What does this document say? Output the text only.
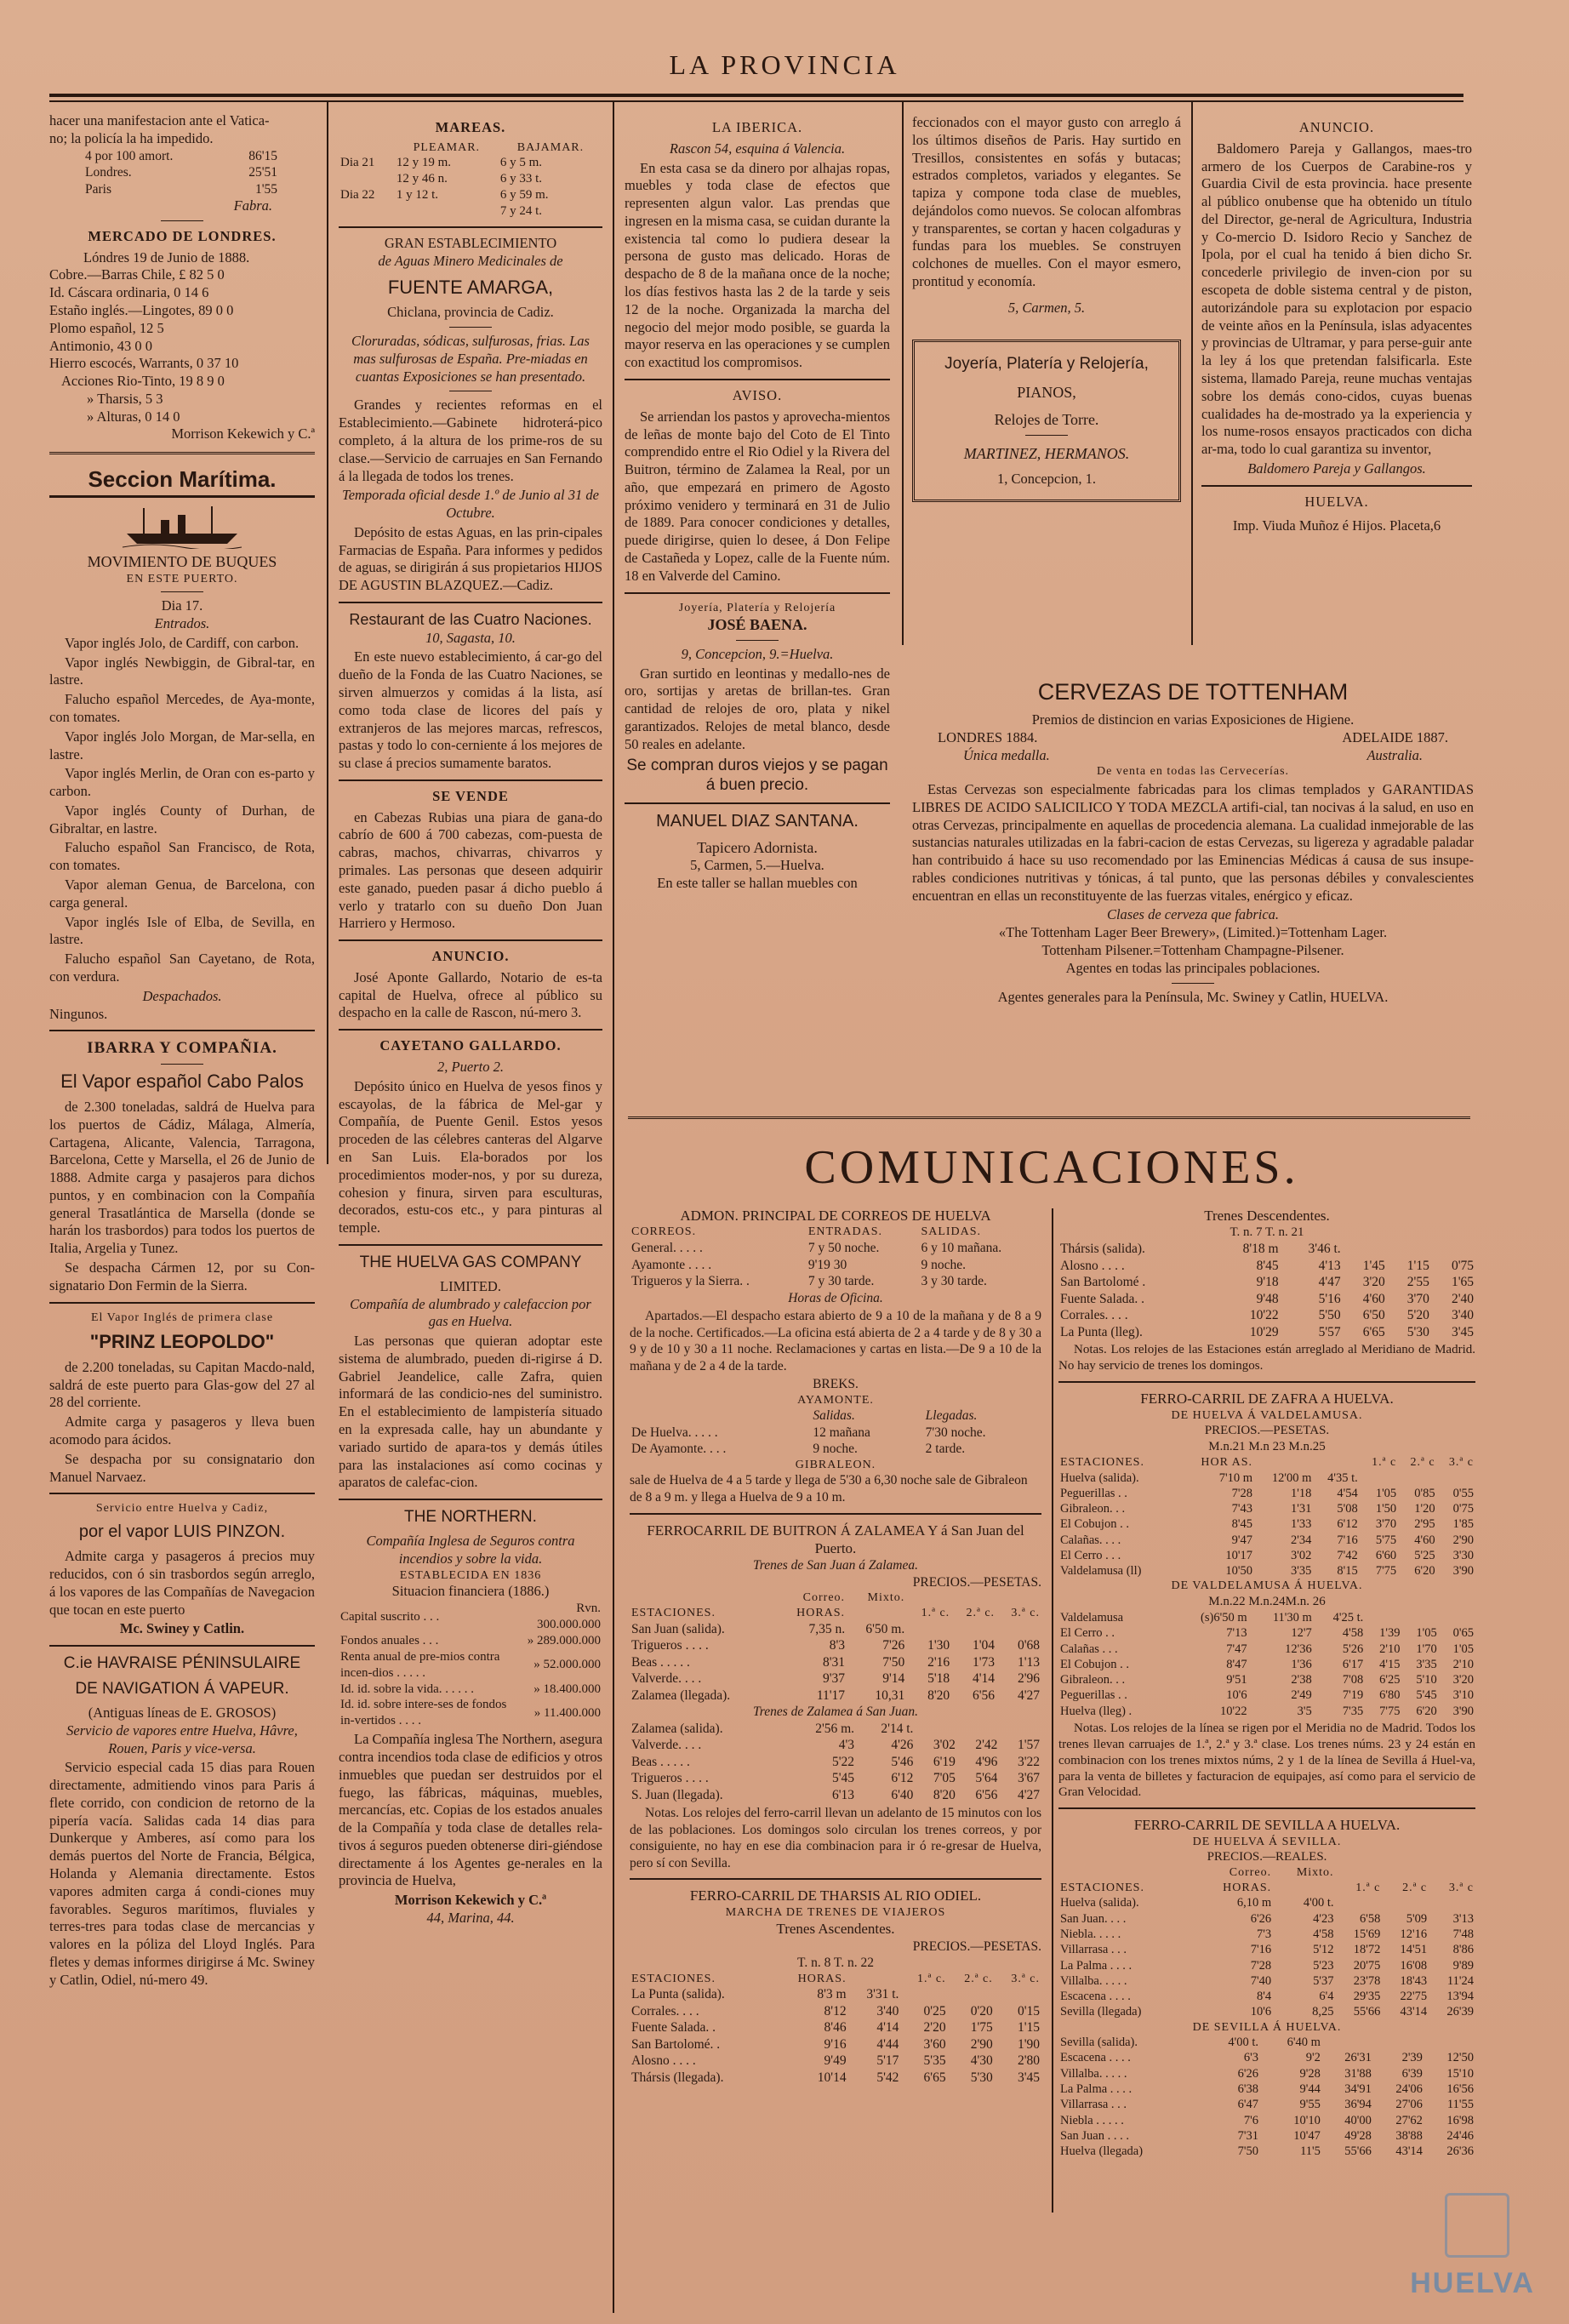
LA PROVINCIA
hacer una manifestacion ante el Vatica-
no; la policía la ha impedido.
4 por 100 amort.	86'15
Londres.	25'51
Paris	1'55
Fabra.
MERCADO DE LONDRES.
Lóndres 19 de Junio de 1888.
Cobre.—Barras Chile, £ 82 5 0
Id. Cáscara ordinaria, 0 14 6
Estaño inglés.—Lingotes, 89 0 0
Plomo español, 12 5
Antimonio, 43 0 0
Hierro escocés, Warrants, 0 37 10
Acciones Rio-Tinto, 19 8 9 0
» Tharsis, 5 3
» Alturas, 0 14 0
Morrison Kekewich y C.ª
Seccion Marítima.
MOVIMIENTO DE BUQUES
EN ESTE PUERTO.
Dia 17.
Entrados.
Vapor inglés Jolo, de Cardiff, con carbon.
Vapor inglés Newbiggin, de Gibral-tar, en lastre.
Falucho español Mercedes, de Aya-monte, con tomates.
Vapor inglés Jolo Morgan, de Mar-sella, en lastre.
Vapor inglés Merlin, de Oran con es-parto y carbon.
Vapor inglés County of Durhan, de Gibraltar, en lastre.
Falucho español San Francisco, de Rota, con tomates.
Vapor aleman Genua, de Barcelona, con carga general.
Vapor inglés Isle of Elba, de Sevilla, en lastre.
Falucho español San Cayetano, de Rota, con verdura.
Despachados.
Ningunos.
IBARRA Y COMPAÑIA.
El Vapor español Cabo Palos
de 2.300 toneladas, saldrá de Huelva para los puertos de Cádiz, Málaga, Almería, Cartagena, Alicante, Valencia, Tarragona, Barcelona, Cette y Marsella, el 26 de Junio de 1888. Admite carga y pasajeros para dichos puntos, y en combinacion con la Compañía general Trasatlántica de Marsella (donde se harán los trasbordos) para todos los puertos de Italia, Argelia y Tunez.
Se despacha Cármen 12, por su Con-signatario Don Fermin de la Sierra.
El Vapor Inglés de primera clase
"PRINZ LEOPOLDO"
de 2.200 toneladas, su Capitan Macdo-nald, saldrá de este puerto para Glas-gow del 27 al 28 del corriente.
Admite carga y pasageros y lleva buen acomodo para ácidos.
Se despacha por su consignatario don Manuel Narvaez.
Servicio entre Huelva y Cadiz,
por el vapor LUIS PINZON.
Admite carga y pasageros á precios muy reducidos, con ó sin trasbordos según arreglo, á los vapores de las Compañías de Navegacion que tocan en este puerto
Mc. Swiney y Catlin.
C.ie HAVRAISE PÉNINSULAIRE
DE NAVIGATION Á VAPEUR.
(Antiguas líneas de E. GROSOS)
Servicio de vapores entre Huelva, Hâvre, Rouen, Paris y vice-versa.
Servicio especial cada 15 dias para Rouen directamente, admitiendo vinos para Paris á flete corrido, con condicion de retorno de la pipería vacía. Salidas cada 14 dias para Dunkerque y Amberes, así como para los demás puertos del Norte de Francia, Bélgica, Holanda y Alemania directamente. Estos vapores admiten carga á condi-ciones muy favorables. Seguros marítimos, fluviales y terres-tres para todas clase de mercancias y valores en la póliza del Lloyd Inglés. Para fletes y demas informes dirigirse á Mc. Swiney y Catlin, Odiel, nú-mero 49.
MAREAS.
	PLEAMAR.	BAJAMAR.
Dia 21	12 y 19 m.	6 y 5 m.
	12 y 46 n.	6 y 33 t.
Dia 22	1 y 12 t.	6 y 59 m.
		7 y 24 t.
GRAN ESTABLECIMIENTO
de Aguas Minero Medicinales de
FUENTE AMARGA,
Chiclana, provincia de Cadiz.
Cloruradas, sódicas, sulfurosas, frias. Las mas sulfurosas de España. Pre-miadas en cuantas Exposiciones se han presentado.
Grandes y recientes reformas en el Establecimiento.—Gabinete hidroterá-pico completo, á la altura de los prime-ros de su clase.—Servicio de carruajes en San Fernando á la llegada de todos los trenes.
Temporada oficial desde 1.º de Junio al 31 de Octubre.
Depósito de estas Aguas, en las prin-cipales Farmacias de España. Para informes y pedidos de aguas, se dirigirán á sus propietarios HIJOS DE AGUSTIN BLAZQUEZ.—Cadiz.
Restaurant de las Cuatro Naciones.
10, Sagasta, 10.
En este nuevo establecimiento, á car-go del dueño de la Fonda de las Cuatro Naciones, se sirven almuerzos y comidas á la lista, así como toda clase de licores del país y extranjeros de las mejores marcas, refrescos, pastas y todo lo con-cerniente á los mejores de su clase á precios sumamente baratos.
SE VENDE
en Cabezas Rubias una piara de gana-do cabrío de 600 á 700 cabezas, com-puesta de cabras, machos, chivarras, chivarros y primales. Las personas que deseen adquirir este ganado, pueden pasar á dicho pueblo á verlo y tratarlo con su dueño Don Juan Harriero y Hermoso.
ANUNCIO.
José Aponte Gallardo, Notario de es-ta capital de Huelva, ofrece al público su despacho en la calle de Rascon, nú-mero 3.
CAYETANO GALLARDO.
2, Puerto 2.
Depósito único en Huelva de yesos finos y escayolas, de la fábrica de Mel-gar y Compañía, de Puente Genil. Estos yesos proceden de las célebres canteras del Algarve en San Luis. Ela-borados por los procedimientos moder-nos, y por su dureza, cohesion y finura, sirven para esculturas, decorados, estu-cos etc., y para pinturas al temple.
THE HUELVA GAS COMPANY
LIMITED.
Compañía de alumbrado y calefaccion por gas en Huelva.
Las personas que quieran adoptar este sistema de alumbrado, pueden di-rigirse á D. Gabriel Jeandelice, calle Zafra, quien informará de las condicio-nes del suministro. En el establecimiento de lampistería situado en la expresada calle, hay un abundante y variado surtido de apara-tos y demás útiles para las instalaciones así como cocinas y aparatos de calefac-cion.
THE NORTHERN.
Compañía Inglesa de Seguros contra incendios y sobre la vida.
ESTABLECIDA EN 1836
Situacion financiera (1886.)
Capital suscrito . . .	Rvn. 300.000.000
Fondos anuales . . .	» 289.000.000
Renta anual de pre-mios contra incen-dios . . . . .	» 52.000.000
Id. id. sobre la vida. . . . . .	» 18.400.000
Id. id. sobre intere-ses de fondos in-vertidos . . . .	» 11.400.000
La Compañía inglesa The Northern, asegura contra incendios toda clase de edificios y otros inmuebles que puedan ser destruidos por el fuego, las fábricas, máquinas, muebles, mercancías, etc. Copias de los estados anuales de la Compañía y toda clase de detalles rela-tivos á seguros pueden obtenerse diri-giéndose directamente á los Agentes ge-nerales en la provincia de Huelva,
Morrison Kekewich y C.ª
44, Marina, 44.
LA IBERICA.
Rascon 54, esquina á Valencia.
En esta casa se da dinero por alhajas ropas, muebles y toda clase de efectos que representen algun valor. Las prendas que ingresen en la misma casa, se cuidan durante la existencia tal como lo pudiera desear la persona de gusto mas delicado. Horas de despacho de 8 de la mañana once de la noche; los días festivos hasta las 2 de la tarde y seis 12 de la noche. Organizada la marcha del negocio del mejor modo posible, se guarda la mayor reserva en las operaciones y se cumplen con exactitud los compromisos.
AVISO.
Se arriendan los pastos y aprovecha-mientos de leñas de monte bajo del Coto de El Tinto comprendido entre el Rio Odiel y la Rivera del Buitron, término de Zalamea la Real, por un año, que empezará en primero de Agosto próximo venidero y terminará en 31 de Julio de 1889. Para conocer condiciones y detalles, puede dirigirse, quien lo desee, á Don Felipe de Castañeda y Lopez, calle de la Fuente núm. 18 en Valverde del Camino.
Joyería, Platería y Relojería
JOSÉ BAENA.
9, Concepcion, 9.=Huelva.
Gran surtido en leontinas y medallo-nes de oro, sortijas y aretas de brillan-tes. Gran cantidad de relojes de oro, plata y nikel garantizados. Relojes de metal blanco, desde 50 reales en adelante.
Se compran duros viejos y se pagan á buen precio.
MANUEL DIAZ SANTANA.
Tapicero Adornista.
5, Carmen, 5.—Huelva.
En este taller se hallan muebles con
feccionados con el mayor gusto con arreglo á los últimos diseños de Paris. Hay surtido en Tresillos, consistentes en sofás y butacas; estrados completos, variados y elegantes. Se tapiza y compone toda clase de muebles, dejándolos como nuevos. Se colocan alfombras y transparentes, se cortan y hacen colgaduras y fundas para los muebles. Se construyen colchones de muelles. Con el mayor esmero, prontitud y economía.
5, Carmen, 5.
Joyería, Platería y Relojería,
PIANOS,
Relojes de Torre.
MARTINEZ, HERMANOS.
1, Concepcion, 1.
ANUNCIO.
Baldomero Pareja y Gallangos, maes-tro armero de los Cuerpos de Carabine-ros y Guardia Civil de esta provincia. hace presente al público onubense que ha obtenido un título del Director, ge-neral de Agricultura, Industria y Co-mercio D. Isidoro Recio y Sanchez de Ipola, por el cual ha tenido á bien dicho Sr. concederle privilegio de inven-cion por su escopeta de doble sistema central y de piston, autorizándole para su explotacion por espacio de veinte años en la Península, islas adyacentes y provincias de Ultramar, y para perse-guir ante la ley á los que pretendan falsificarla. Este sistema, llamado Pareja, reune muchas ventajas sobre los demás cono-cidos, cuyas buenas cualidades ha de-mostrado ya la experiencia y los nume-rosos ensayos practicados con dicha ar-ma, todo lo cual garantiza su inventor,
Baldomero Pareja y Gallangos.
HUELVA.
Imp. Viuda Muñoz é Hijos. Placeta,6
CERVEZAS DE TOTTENHAM
Premios de distincion en varias Exposiciones de Higiene.
LONDRES 1884.	ADELAIDE 1887.
Única medalla.	Australia.
De venta en todas las Cervecerías.
Estas Cervezas son especialmente fabricadas para los climas templados y GARANTIDAS LIBRES DE ACIDO SALICILICO Y TODA MEZCLA artifi-cial, tan nocivas á la salud, en uso en otras Cervezas, principalmente en aquellas de procedencia alemana. La cualidad inmejorable de las sustancias naturales utilizadas en la fabri-cacion de estas Cervezas, su ligereza y agradable paladar han contribuido á hace su uso recomendado por las Eminencias Médicas á causa de sus insupe-rables condiciones nutritivas y tónicas, á tal punto, que las personas débiles y convalescientes encuentran en ellas un reconstituyente de las fuerzas vitales, enérgico y eficaz.
Clases de cerveza que fabrica.
«The Tottenham Lager Beer Brewery», (Limited.)=Tottenham Lager.
Tottenham Pilsener.=Tottenham Champagne-Pilsener.
Agentes en todas las principales poblaciones.
Agentes generales para la Península, Mc. Swiney y Catlin, HUELVA.
COMUNICACIONES.
ADMON. PRINCIPAL DE CORREOS DE HUELVA
CORREOS.	ENTRADAS.	SALIDAS.
General. . . . .	7 y 50 noche.	6 y 10 mañana.
Ayamonte . . . .	9'19 30	9 noche.
Trigueros y la Sierra. .	7 y 30 tarde.	3 y 30 tarde.
Horas de Oficina.
Apartados.—El despacho estara abierto de 9 a 10 de la mañana y de 8 a 9 de la noche. Certificados.—La oficina está abierta de 2 a 4 tarde y de 8 y 30 a 9 y de 10 y 30 a 11 noche. Reclamaciones y cartas en lista.—De 9 a 10 de la mañana y de 2 a 4 de la tarde.
BREKS.
AYAMONTE.
	Salidas.	Llegadas.
De Huelva. . . . .	12 mañana	7'30 noche.
De Ayamonte. . . .	9 noche.	2 tarde.
GIBRALEON.
sale de Huelva de 4 a 5 tarde y llega de 5'30 a 6,30 noche sale de Gibraleon de 8 a 9 m. y llega a Huelva de 9 a 10 m.
FERROCARRIL DE BUITRON Á ZALAMEA Y á San Juan del Puerto.
Trenes de San Juan á Zalamea.
PRECIOS.—PESETAS.
	Correo.	Mixto.			
ESTACIONES.	HORAS.		1.ª c.	2.ª c.	3.ª c.
San Juan (salida).	7,35 n.	6'50 m.			
Trigueros . . . .	8'3	7'26	1'30	1'04	0'68
Beas . . . . .	8'31	7'50	2'16	1'73	1'13
Valverde. . . .	9'37	9'14	5'18	4'14	2'96
Zalamea (llegada).	11'17	10,31	8'20	6'56	4'27
Trenes de Zalamea á San Juan.
Zalamea (salida).	2'56 m.	2'14 t.			
Valverde. . . .	4'3	4'26	3'02	2'42	1'57
Beas . . . . .	5'22	5'46	6'19	4'96	3'22
Trigueros . . . .	5'45	6'12	7'05	5'64	3'67
S. Juan (llegada).	6'13	6'40	8'20	6'56	4'27
Notas. Los relojes del ferro-carril llevan un adelanto de 15 minutos con los de las poblaciones. Los domingos solo circulan los trenes correos, y por consiguiente, no hay en ese dia combinacion para ir ó re-gresar de Huelva, pero sí con Sevilla.
FERRO-CARRIL DE THARSIS AL RIO ODIEL.
MARCHA DE TRENES DE VIAJEROS
Trenes Ascendentes.
PRECIOS.—PESETAS.
T. n. 8 T. n. 22
ESTACIONES.	HORAS.		1.ª c.	2.ª c.	3.ª c.
La Punta (salida).	8'3 m	3'31 t.			
Corrales. . . .	8'12	3'40	0'25	0'20	0'15
Fuente Salada. .	8'46	4'14	2'20	1'75	1'15
San Bartolomé. .	9'16	4'44	3'60	2'90	1'90
Alosno . . . .	9'49	5'17	5'35	4'30	2'80
Thársis (llegada).	10'14	5'42	6'65	5'30	3'45
Trenes Descendentes.
T. n. 7 T. n. 21
Thársis (salida).	8'18 m	3'46 t.			
Alosno . . . .	8'45	4'13	1'45	1'15	0'75
San Bartolomé .	9'18	4'47	3'20	2'55	1'65
Fuente Salada. .	9'48	5'16	4'60	3'70	2'40
Corrales. . . .	10'22	5'50	6'50	5'20	3'40
La Punta (lleg).	10'29	5'57	6'65	5'30	3'45
Notas. Los relojes de las Estaciones están arreglado al Meridiano de Madrid. No hay servicio de trenes los domingos.
FERRO-CARRIL DE ZAFRA A HUELVA.
DE HUELVA Á VALDELAMUSA.
PRECIOS.—PESETAS.
M.n.21 M.n 23 M.n.25
ESTACIONES.	HOR AS.			1.ª c	2.ª c	3.ª c
Huelva (salida).	7'10 m	12'00 m	4'35 t.			
Peguerillas . .	7'28	1'18	4'54	1'05	0'85	0'55
Gibraleon. . .	7'43	1'31	5'08	1'50	1'20	0'75
El Cobujon . .	8'45	1'33	6'12	3'70	2'95	1'85
Calañas. . . .	9'47	2'34	7'16	5'75	4'60	2'90
El Cerro . . .	10'17	3'02	7'42	6'60	5'25	3'30
Valdelamusa (ll)	10'50	3'35	8'15	7'75	6'20	3'90
DE VALDELAMUSA Á HUELVA.
M.n.22 M.n.24M.n. 26
Valdelamusa	(s)6'50 m	11'30 m	4'25 t.			
El Cerro . .	7'13	12'7	4'58	1'39	1'05	0'65
Calañas . . .	7'47	12'36	5'26	2'10	1'70	1'05
El Cobujon . .	8'47	1'36	6'17	4'15	3'35	2'10
Gibraleon. . .	9'51	2'38	7'08	6'25	5'10	3'20
Peguerillas . .	10'6	2'49	7'19	6'80	5'45	3'10
Huelva (lleg) .	10'22	3'5	7'35	7'75	6'20	3'90
Notas. Los relojes de la línea se rigen por el Meridia no de Madrid. Todos los trenes llevan carruajes de 1.ª, 2.ª y 3.ª clase. Los trenes núms. 23 y 24 están en combinacion con los trenes mixtos núms, 2 y 1 de la línea de Sevilla á Huel-va, para la venta de billetes y facturacion de equipajes, así como para el servicio de Gran Velocidad.
FERRO-CARRIL DE SEVILLA A HUELVA.
DE HUELVA Á SEVILLA.
PRECIOS.—REALES.
	Correo.	Mixto.			
ESTACIONES.	HORAS.		1.ª c	2.ª c	3.ª c
Huelva (salida).	6,10 m	4'00 t.			
San Juan. . . .	6'26	4'23	6'58	5'09	3'13
Niebla. . . . .	7'3	4'58	15'69	12'16	7'48
Villarrasa . . .	7'16	5'12	18'72	14'51	8'86
La Palma . . . .	7'28	5'23	20'75	16'08	9'89
Villalba. . . . .	7'40	5'37	23'78	18'43	11'24
Escacena . . . .	8'4	6'4	29'35	22'75	13'94
Sevilla (llegada)	10'6	8,25	55'66	43'14	26'39
DE SEVILLA Á HUELVA.
Sevilla (salida).	4'00 t.	6'40 m			
Escacena . . . .	6'3	9'2	26'31	2'39	12'50
Villalba. . . . .	6'26	9'28	31'88	6'39	15'10
La Palma . . . .	6'38	9'44	34'91	24'06	16'56
Villarrasa . . .	6'47	9'55	36'94	27'06	11'55
Niebla . . . . .	7'6	10'10	40'00	27'62	16'98
San Juan . . . .	7'31	10'47	49'28	38'88	24'46
Huelva (llegada)	7'50	11'5	55'66	43'14	26'36
HUELVA
